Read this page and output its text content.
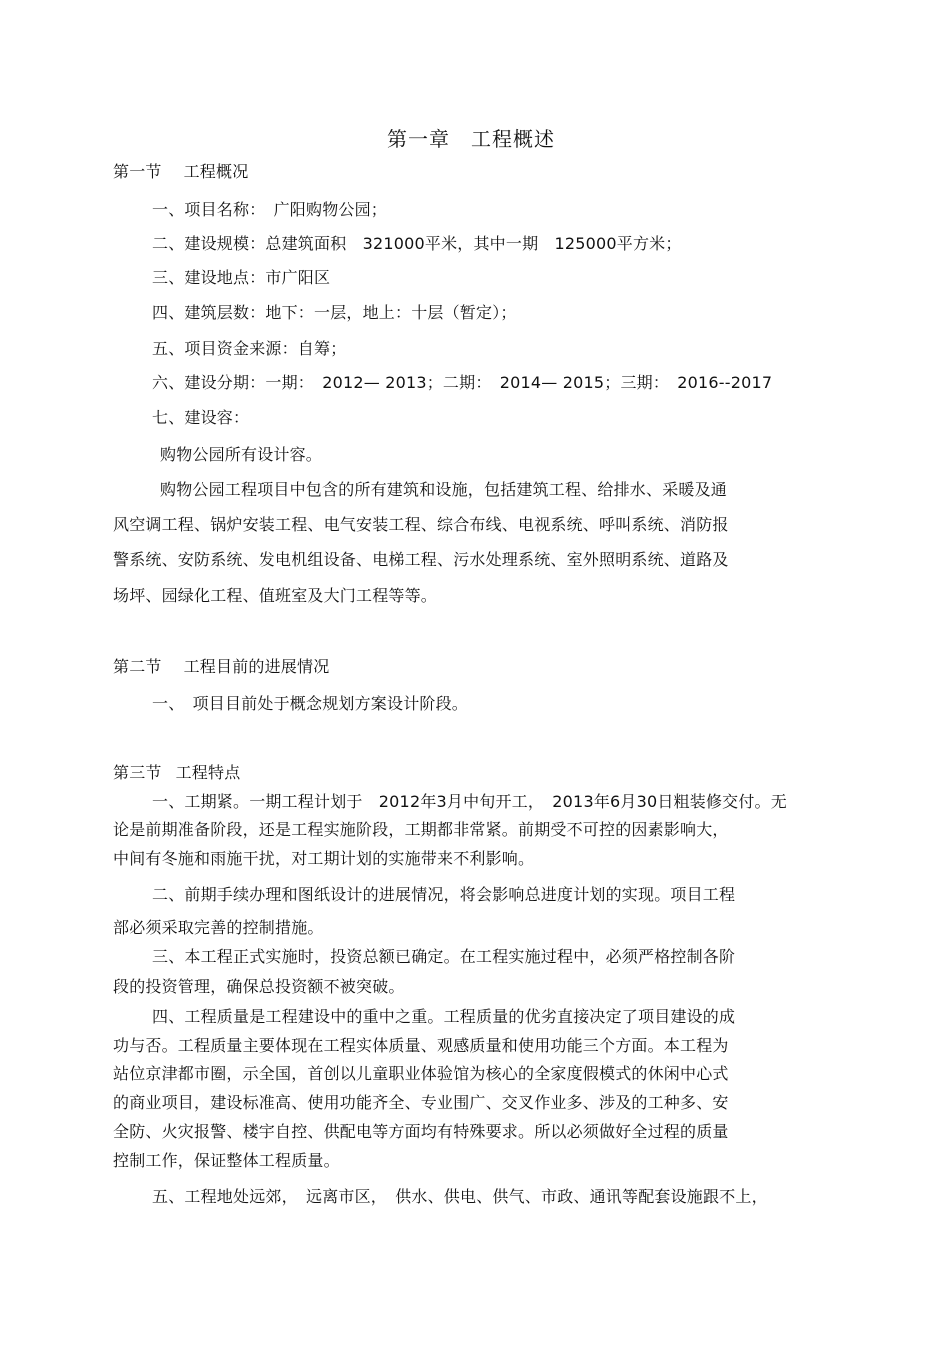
第一章　工程概述
第一节 工程概况
一、项目名称：　广阳购物公园；
二、建设规模：总建筑面积　321000平米，其中一期　125000平方米；
三、建设地点：市广阳区
四、建筑层数：地下：一层，地上：十层（暂定）；
五、项目资金来源：自筹；
六、建设分期：一期：　2012— 2013；二期：　2014— 2015；三期：　2016--2017
七、建设容：
购物公园所有设计容。
购物公园工程项目中包含的所有建筑和设施，包括建筑工程、给排水、采暖及通
风空调工程、锅炉安装工程、电气安装工程、综合布线、电视系统、呼叫系统、消防报
警系统、安防系统、发电机组设备、电梯工程、污水处理系统、室外照明系统、道路及
场坪、园绿化工程、值班室及大门工程等等。
第二节 工程目前的进展情况
一、　项目目前处于概念规划方案设计阶段。
第三节 工程特点
一、工期紧。一期工程计划于　2012年3月中旬开工，　2013年6月30日粗装修交付。无
论是前期准备阶段，还是工程实施阶段，工期都非常紧。前期受不可控的因素影响大，
中间有冬施和雨施干扰，对工期计划的实施带来不利影响。
二、前期手续办理和图纸设计的进展情况，将会影响总进度计划的实现。项目工程
部必须采取完善的控制措施。
三、本工程正式实施时，投资总额已确定。在工程实施过程中，必须严格控制各阶
段的投资管理，确保总投资额不被突破。
四、工程质量是工程建设中的重中之重。工程质量的优劣直接决定了项目建设的成
功与否。工程质量主要体现在工程实体质量、观感质量和使用功能三个方面。本工程为
站位京津都市圈，示全国，首创以儿童职业体验馆为核心的全家度假模式的休闲中心式
的商业项目，建设标准高、使用功能齐全、专业围广、交叉作业多、涉及的工种多、安
全防、火灾报警、楼宇自控、供配电等方面均有特殊要求。所以必须做好全过程的质量
控制工作，保证整体工程质量。
五、工程地处远郊，　远离市区，　供水、供电、供气、市政、通讯等配套设施跟不上，
